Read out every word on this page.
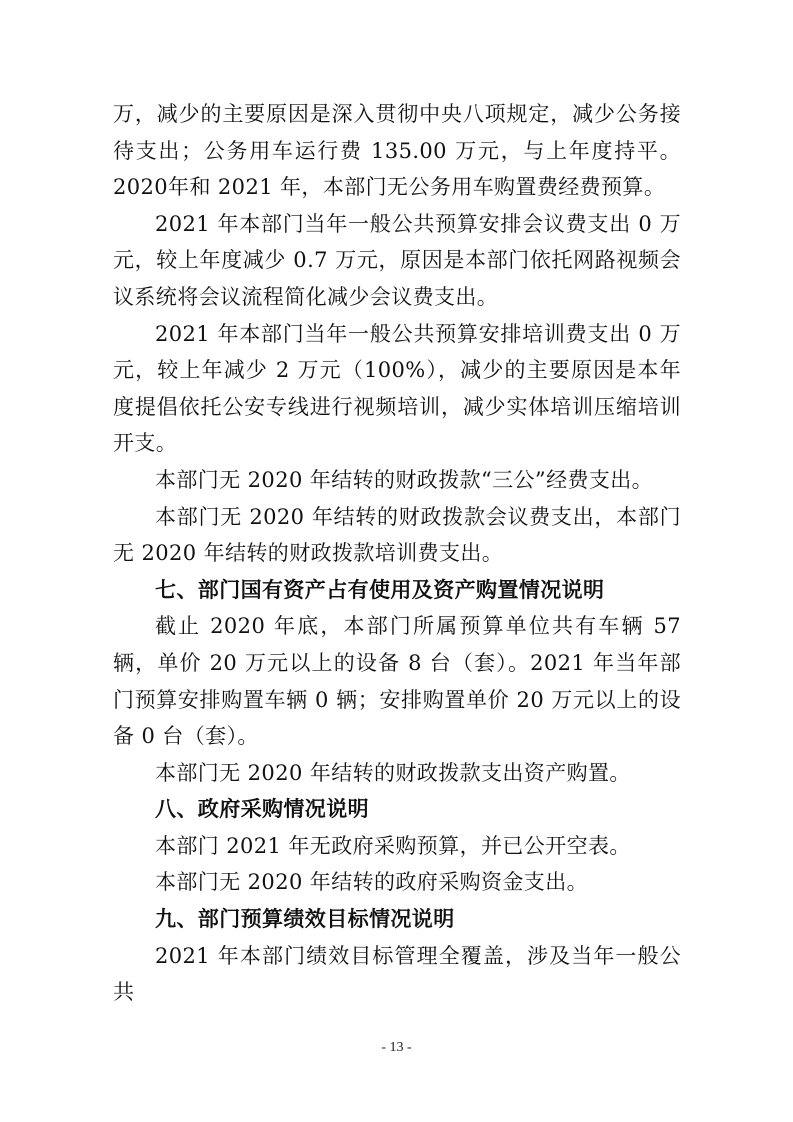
万，减少的主要原因是深入贯彻中央八项规定，减少公务接待支出；公务用车运行费 135.00 万元，与上年度持平。2020年和 2021 年，本部门无公务用车购置费经费预算。

2021 年本部门当年一般公共预算安排会议费支出 0 万元，较上年度减少 0.7 万元，原因是本部门依托网路视频会议系统将会议流程简化减少会议费支出。

2021 年本部门当年一般公共预算安排培训费支出 0 万元，较上年减少 2 万元（100%），减少的主要原因是本年度提倡依托公安专线进行视频培训，减少实体培训压缩培训开支。

本部门无 2020 年结转的财政拨款“三公”经费支出。

本部门无 2020 年结转的财政拨款会议费支出，本部门无 2020 年结转的财政拨款培训费支出。

七、部门国有资产占有使用及资产购置情况说明

截止 2020 年底，本部门所属预算单位共有车辆 57 辆，单价 20 万元以上的设备 8 台（套）。2021 年当年部门预算安排购置车辆 0 辆；安排购置单价 20 万元以上的设备 0 台（套）。

本部门无 2020 年结转的财政拨款支出资产购置。

八、政府采购情况说明

本部门 2021 年无政府采购预算，并已公开空表。

本部门无 2020 年结转的政府采购资金支出。

九、部门预算绩效目标情况说明

2021 年本部门绩效目标管理全覆盖，涉及当年一般公共

- 13 -
